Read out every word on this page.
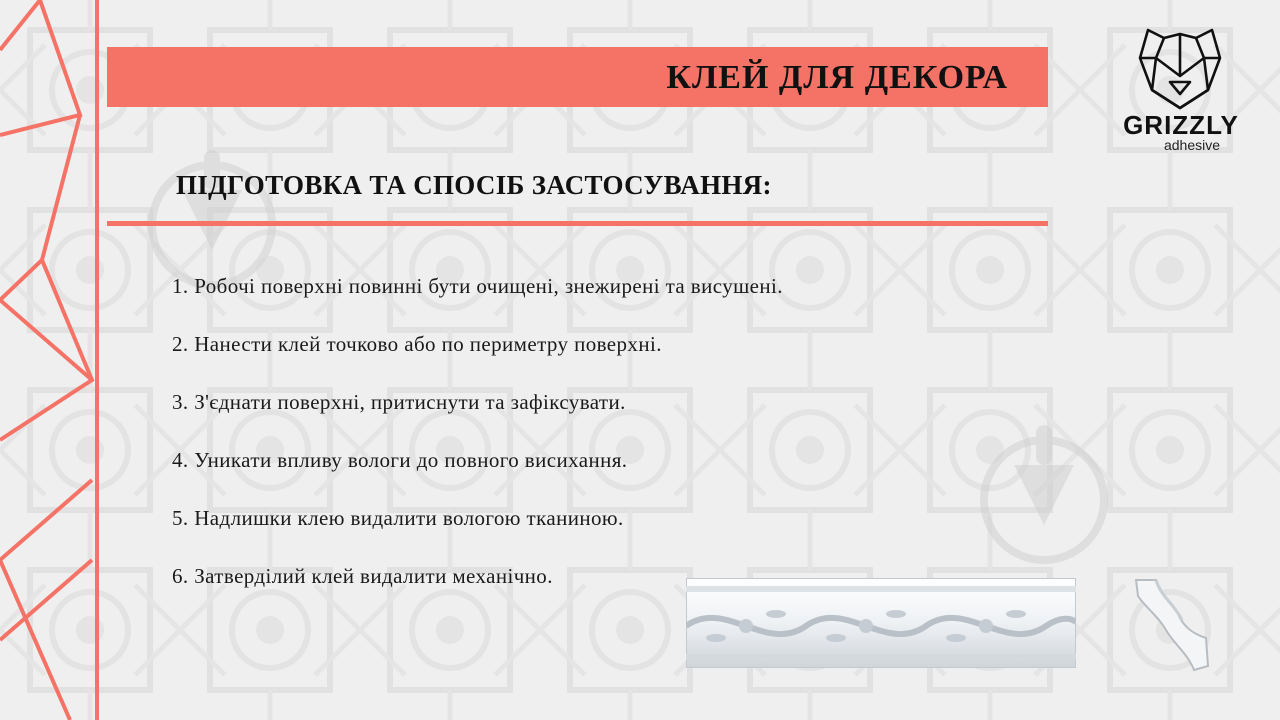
КЛЕЙ ДЛЯ ДЕКОРА
GRIZZLY
adhesive
ПІДГОТОВКА ТА СПОСІБ ЗАСТОСУВАННЯ:
1. Робочі поверхні повинні бути очищені, знежирені та висушені.
2. Нанести клей точково або по периметру поверхні.
3. З'єднати поверхні, притиснути та зафіксувати.
4. Уникати впливу вологи до повного висихання.
5. Надлишки клею видалити вологою тканиною.
6. Затверділий клей видалити механічно.
